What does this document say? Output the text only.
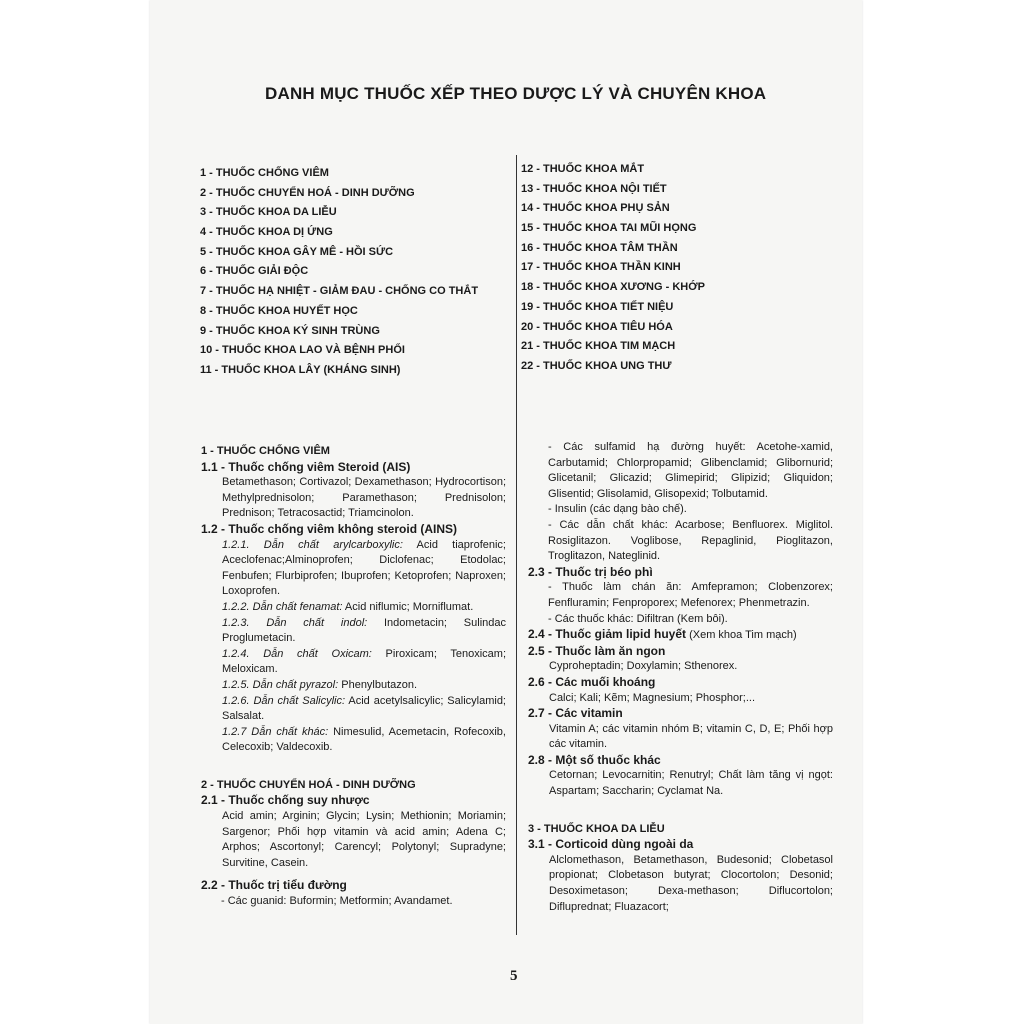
DANH MỤC THUỐC XẾP THEO DƯỢC LÝ VÀ CHUYÊN KHOA
1 - THUỐC CHỐNG VIÊM
2 - THUỐC CHUYỂN HOÁ - DINH DƯỠNG
3 - THUỐC KHOA DA LIỄU
4 - THUỐC KHOA DỊ ỨNG
5 - THUỐC KHOA GÂY MÊ - HỒI SỨC
6 - THUỐC GIẢI ĐỘC
7 - THUỐC HẠ NHIỆT - GIẢM ĐAU - CHỐNG CO THẮT
8 - THUỐC KHOA HUYẾT HỌC
9 - THUỐC KHOA KÝ SINH TRÙNG
10 - THUỐC KHOA LAO VÀ BỆNH PHỔI
11 - THUỐC KHOA LÂY (KHÁNG SINH)
12 - THUỐC KHOA MẮT
13 - THUỐC KHOA NỘI TIẾT
14 - THUỐC KHOA PHỤ SẢN
15 - THUỐC KHOA TAI MŨI HỌNG
16 - THUỐC KHOA TÂM THẦN
17 - THUỐC KHOA THẦN KINH
18 - THUỐC KHOA XƯƠNG - KHỚP
19 - THUỐC KHOA TIẾT NIỆU
20 - THUỐC KHOA TIÊU HÓA
21 - THUỐC KHOA TIM MẠCH
22 - THUỐC KHOA UNG THƯ
1 - THUỐC CHỐNG VIÊM
1.1 - Thuốc chống viêm Steroid (AIS)
Betamethason; Cortivazol; Dexamethason; Hydrocortison; Methylprednisolon; Paramethason; Prednisolon; Prednison; Tetracosactid; Triamcinolon.
1.2 - Thuốc chống viêm không steroid (AINS)
1.2.1. Dẫn chất arylcarboxylic: Acid tiaprofenic; Aceclofenac;Alminoprofen; Diclofenac; Etodolac; Fenbufen; Flurbiprofen; Ibuprofen; Ketoprofen; Naproxen; Loxoprofen.
1.2.2. Dẫn chất fenamat: Acid niflumic; Morniflumat.
1.2.3. Dẫn chất indol: Indometacin; Sulindac Proglumetacin.
1.2.4. Dẫn chất Oxicam: Piroxicam; Tenoxicam; Meloxicam.
1.2.5. Dẫn chất pyrazol: Phenylbutazon.
1.2.6. Dẫn chất Salicylic: Acid acetylsalicylic; Salicylamid; Salsalat.
1.2.7 Dẫn chất khác: Nimesulid, Acemetacin, Rofecoxib, Celecoxib; Valdecoxib.
2 - THUỐC CHUYỂN HOÁ - DINH DƯỠNG
2.1 - Thuốc chống suy nhược
Acid amin; Arginin; Glycin; Lysin; Methionin; Moriamin; Sargenor; Phối hợp vitamin và acid amin; Adena C; Arphos; Ascortonyl; Carencyl; Polytonyl; Supradyne; Survitine, Casein.
2.2 - Thuốc trị tiểu đường
- Các guanid: Buformin; Metformin; Avandamet.
- Các sulfamid hạ đường huyết: Acetohe-xamid, Carbutamid; Chlorpropamid; Glibenclamid; Glibornurid; Glicetanil; Glicazid; Glimepirid; Glipizid; Gliquidon; Glisentid; Glisolamid, Glisopexid; Tolbutamid.
- Insulin (các dạng bào chế).
- Các dẫn chất khác: Acarbose; Benfluorex. Miglitol. Rosiglitazon. Voglibose, Repaglinid, Pioglitazon, Troglitazon, Nateglinid.
2.3 - Thuốc trị béo phì
- Thuốc làm chán ăn: Amfepramon; Clobenzorex; Fenfluramin; Fenproporex; Mefenorex; Phenmetrazin.
- Các thuốc khác: Difiltran (Kem bôi).
2.4 - Thuốc giảm lipid huyết (Xem khoa Tim mạch)
2.5 - Thuốc làm ăn ngon
Cyproheptadin; Doxylamin; Sthenorex.
2.6 - Các muối khoáng
Calci; Kali; Kẽm; Magnesium; Phosphor;...
2.7 - Các vitamin
Vitamin A; các vitamin nhóm B; vitamin C, D, E; Phối hợp các vitamin.
2.8 - Một số thuốc khác
Cetornan; Levocarnitin; Renutryl; Chất làm tăng vị ngọt: Aspartam; Saccharin; Cyclamat Na.
3 - THUỐC KHOA DA LIỄU
3.1 - Corticoid dùng ngoài da
Alclomethason, Betamethason, Budesonid; Clobetasol propionat; Clobetason butyrat; Clocortolon; Desonid; Desoximetason; Dexa-methason; Diflucortolon; Difluprednat; Fluazacort;
5
